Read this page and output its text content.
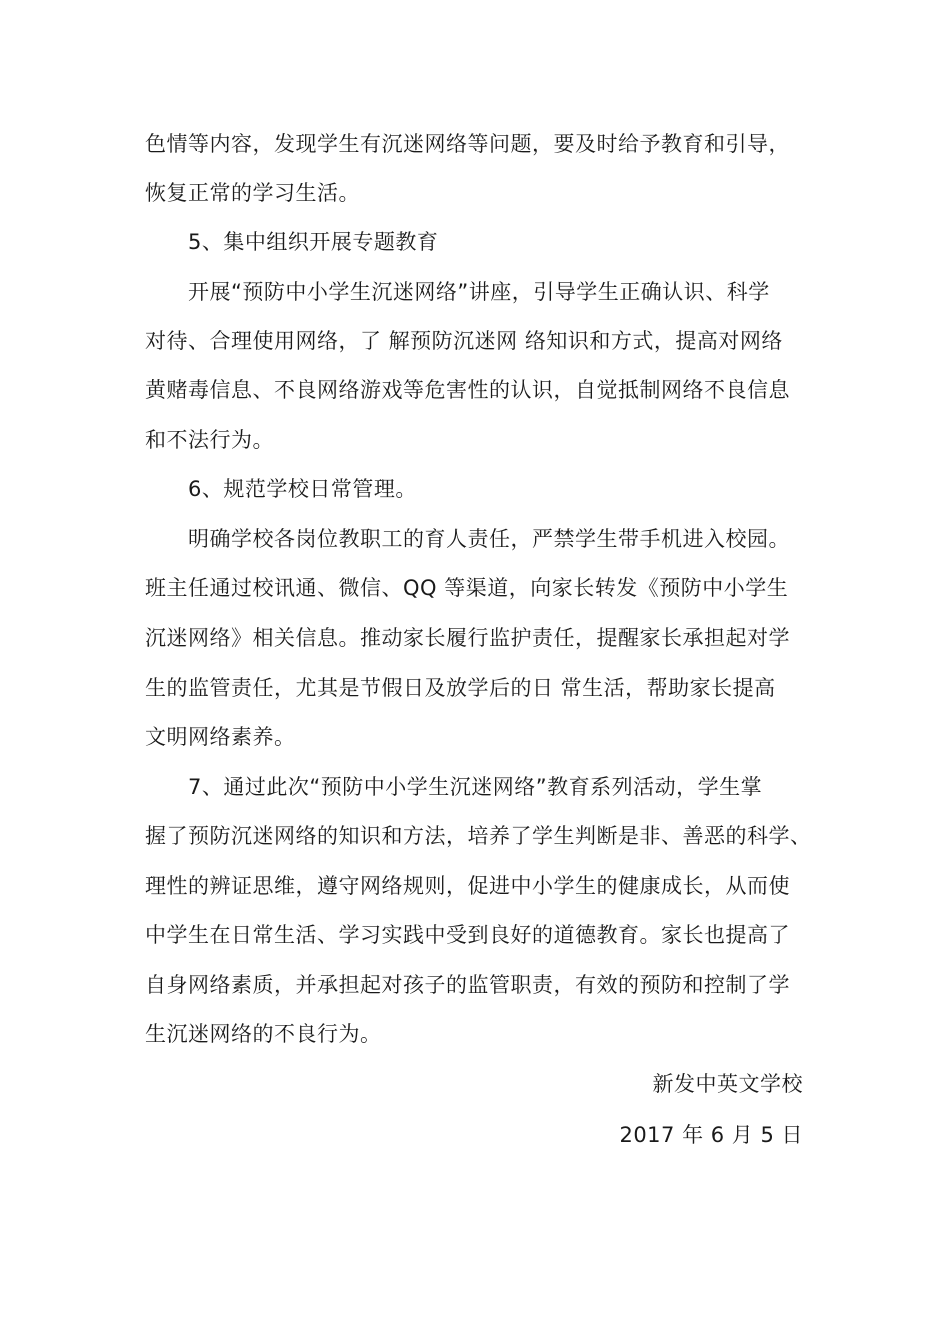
色情等内容，发现学生有沉迷网络等问题，要及时给予教育和引导，
恢复正常的学习生活。
5、集中组织开展专题教育
开展“预防中小学生沉迷网络”讲座，引导学生正确认识、科学
对待、合理使用网络，了 解预防沉迷网 络知识和方式，提高对网络
黄赌毒信息、不良网络游戏等危害性的认识，自觉抵制网络不良信息
和不法行为。
6、规范学校日常管理。
明确学校各岗位教职工的育人责任，严禁学生带手机进入校园。
班主任通过校讯通、微信、QQ 等渠道，向家长转发《预防中小学生
沉迷网络》相关信息。推动家长履行监护责任，提醒家长承担起对学
生的监管责任，尤其是节假日及放学后的日 常生活，帮助家长提高
文明网络素养。
7、通过此次“预防中小学生沉迷网络”教育系列活动，学生掌
握了预防沉迷网络的知识和方法，培养了学生判断是非、善恶的科学、
理性的辨证思维，遵守网络规则，促进中小学生的健康成长，从而使
中学生在日常生活、学习实践中受到良好的道德教育。家长也提高了
自身网络素质，并承担起对孩子的监管职责，有效的预防和控制了学
生沉迷网络的不良行为。
新发中英文学校
2017 年 6 月 5 日
